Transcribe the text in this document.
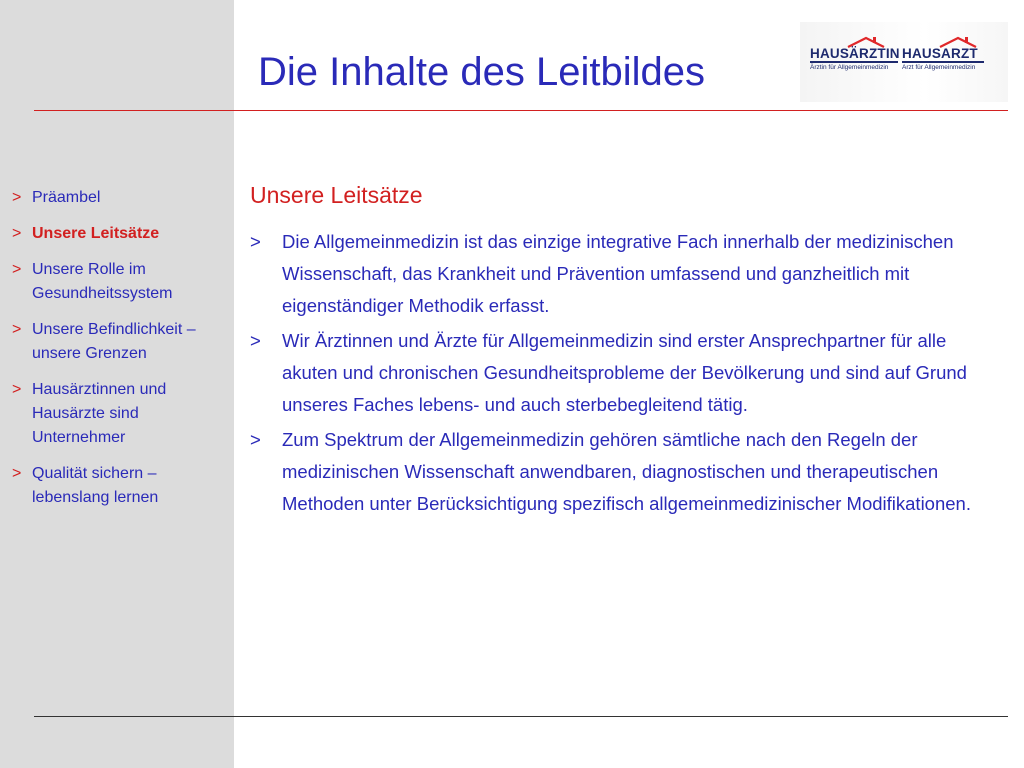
Die Inhalte des Leitbildes	HAUSÄRZTIN
Ärztin für Allgemeinmedizin
HAUSARZT
Arzt für Allgemeinmedizin
> Präambel
> Unsere Leitsätze
> Unsere Rolle im Gesundheitssystem
> Unsere Befindlichkeit – unsere Grenzen
> Hausärztinnen und Hausärzte sind Unternehmer
> Qualität sichern – lebenslang lernen
Unsere Leitsätze
> Die Allgemeinmedizin ist das einzige integrative Fach innerhalb der medizinischen Wissenschaft, das Krankheit und Prävention umfassend und ganzheitlich mit eigenständiger Methodik erfasst.
> Wir Ärztinnen und Ärzte für Allgemeinmedizin sind erster Ansprechpartner für alle akuten und chronischen Gesundheitsprobleme der Bevölkerung und sind auf Grund unseres Faches lebens- und auch sterbebegleitend tätig.
> Zum Spektrum der Allgemeinmedizin gehören sämtliche nach den Regeln der medizinischen Wissenschaft anwendbaren, diagnostischen und therapeutischen Methoden unter Berücksichtigung spezifisch allgemeinmedizinischer Modifikationen.
